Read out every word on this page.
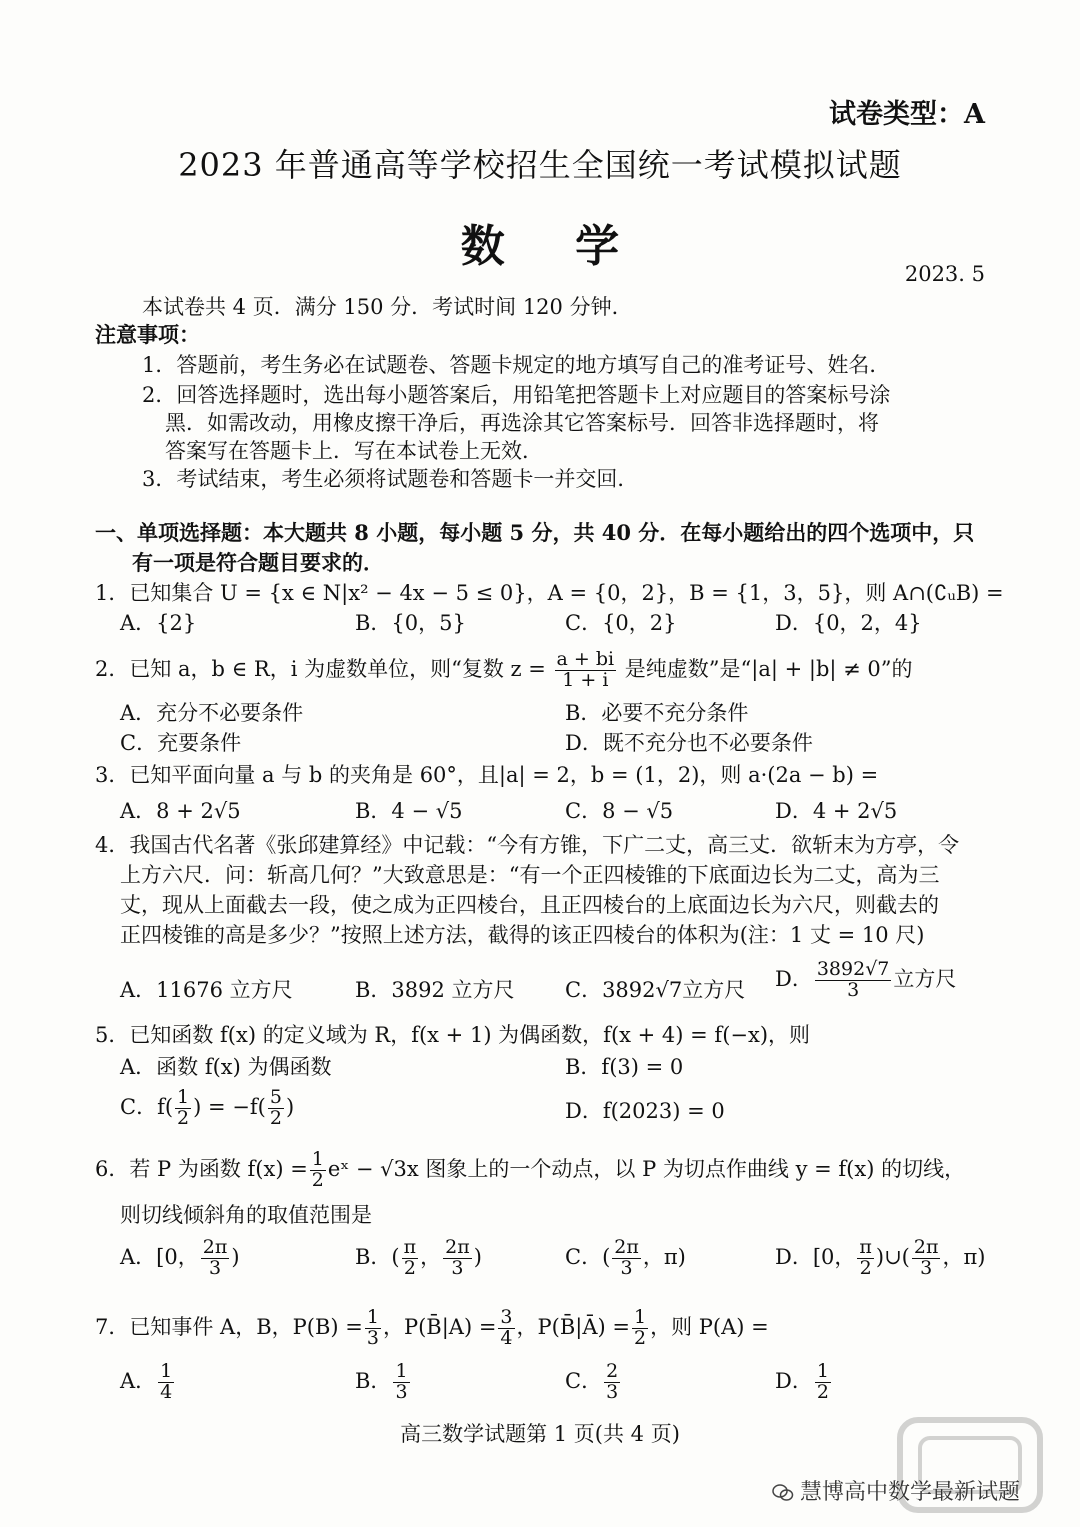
试卷类型：A
2023 年普通高等学校招生全国统一考试模拟试题
数学
2023. 5
本试卷共 4 页．满分 150 分．考试时间 120 分钟．
注意事项：
1．答题前，考生务必在试题卷、答题卡规定的地方填写自己的准考证号、姓名．
2．回答选择题时，选出每小题答案后，用铅笔把答题卡上对应题目的答案标号涂
黑．如需改动，用橡皮擦干净后，再选涂其它答案标号．回答非选择题时，将
答案写在答题卡上．写在本试卷上无效．
3．考试结束，考生必须将试题卷和答题卡一并交回．
一、单项选择题：本大题共 8 小题，每小题 5 分，共 40 分．在每小题给出的四个选项中，只
有一项是符合题目要求的．
1．已知集合 U = {x ∈ N|x² − 4x − 5 ≤ 0}，A = {0，2}，B = {1，3，5}，则 A∩(∁ᵤB) =
A．{2}	B．{0，5}	C．{0，2}	D．{0，2，4}
2．已知 a，b ∈ R，i 为虚数单位，则“复数 $z = \frac{a + bi}{1 + i}$ 是纯虚数”是“|a| + |b| ≠ 0”的
A．充分不必要条件	B．必要不充分条件
C．充要条件	D．既不充分也不必要条件
3．已知平面向量 a 与 b 的夹角是 60°，且|a| = 2，b = (1，2)，则 a·(2a − b) =
A．8 + 2√5	B．4 − √5	C．8 − √5	D．4 + 2√5
4．我国古代名著《张邱建算经》中记载：“今有方锥，下广二丈，高三丈．欲斩末为方亭，令
上方六尺．问：斩高几何？”大致意思是：“有一个正四棱锥的下底面边长为二丈，高为三
丈，现从上面截去一段，使之成为正四棱台，且正四棱台的上底面边长为六尺，则截去的
正四棱锥的高是多少？”按照上述方法，截得的该正四棱台的体积为(注：1 丈 = 10 尺)
A．11676 立方尺	B．3892 立方尺 C．3892√7立方尺 D． $\frac{3892√7}{3}$ 立方尺
5．已知函数 f(x) 的定义域为 R，f(x + 1) 为偶函数，f(x + 4) = f(−x)，则
A．函数 f(x) 为偶函数	B．f(3) = 0
C．$f( \frac{1}{2}$ ) = $-f( \frac{5}{2}$ )	D．f(2023) = 0
6．若 P 为函数 $f(x) = \frac{1}{2}$ eˣ − √3x 图象上的一个动点，以 P 为切点作曲线 y = f(x) 的切线，
则切线倾斜角的取值范围是
A．[0， $\frac{2\pi}{3}$ )	B．( $\frac{\pi}{2}$ ， $\frac{2\pi}{3}$ )	C．( $\frac{2\pi}{3}$ ，π)	D．[0， $\frac{\pi}{2}$ )∪( $\frac{2\pi}{3}$ ，π)
7．已知事件 A，B，$P(B) = \frac{1}{3}$ ，P(B̄|A) = $\frac{3}{4}$ ，P(B̄|Ā) = $\frac{1}{2}$ ，则 P(A) =
A． $\frac{1}{4}$	B． $\frac{1}{3}$	C． $\frac{2}{3}$	D． $\frac{1}{2}$
高三数学试题第 1 页(共 4 页)
慧博高中数学最新试题
